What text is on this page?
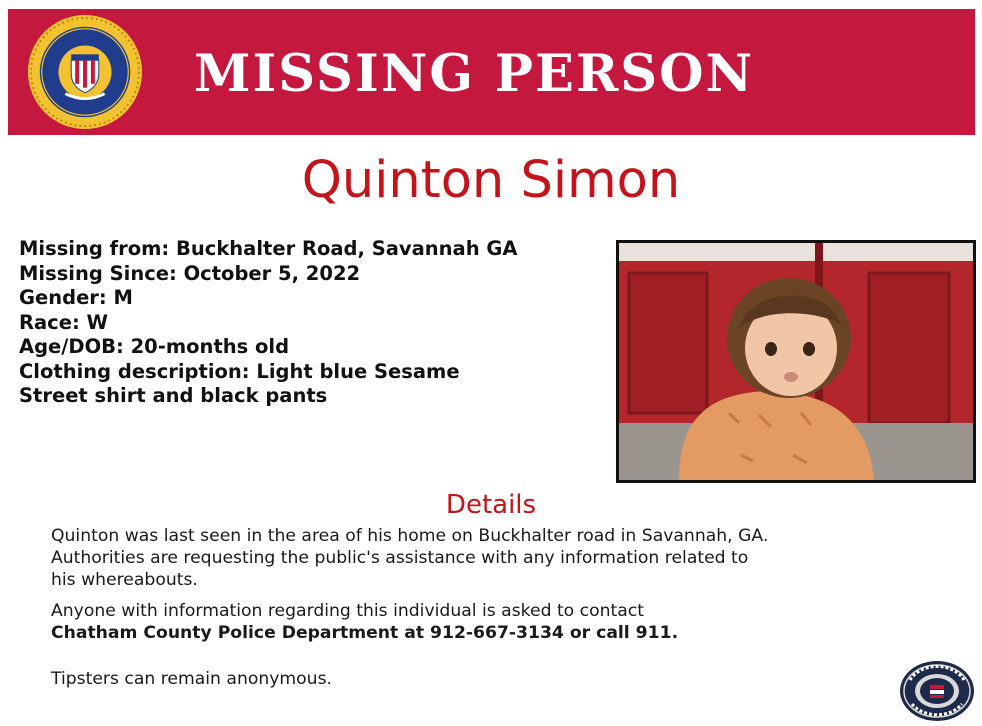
MISSING PERSON
Quinton Simon
Missing from: Buckhalter Road, Savannah GA
Missing Since: October 5, 2022
Gender: M
Race: W
Age/DOB: 20-months old
Clothing description: Light blue Sesame
Street shirt and black pants
Details
Quinton was last seen in the area of his home on Buckhalter road in Savannah, GA.
Authorities are requesting the public's assistance with any information related to
his whereabouts.
Anyone with information regarding this individual is asked to contact
Chatham County Police Department at 912-667-3134 or call 911.
Tipsters can remain anonymous.
